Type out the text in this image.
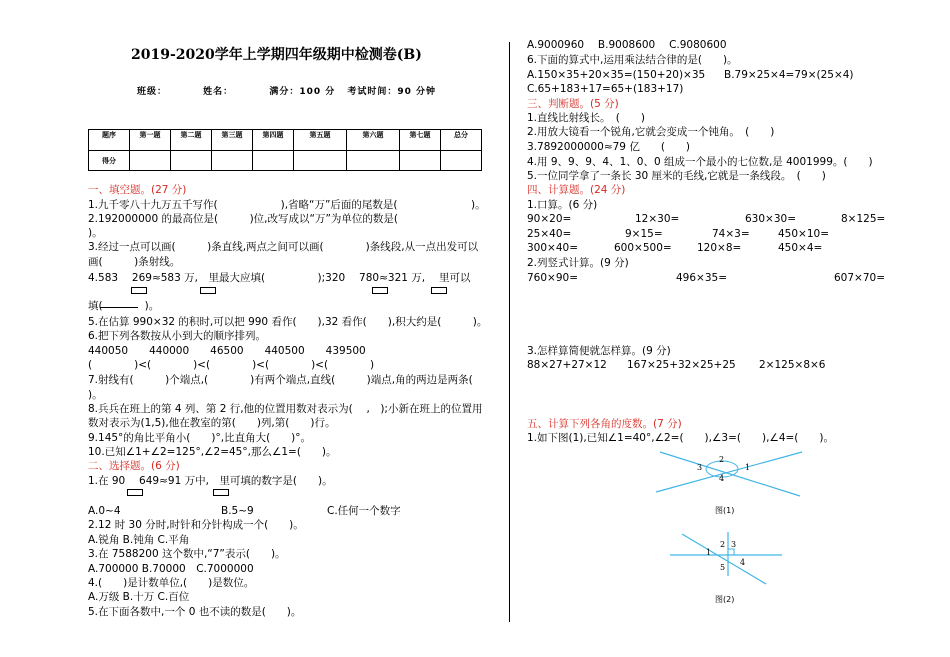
2019-2020学年上学期四年级期中检测卷(B)
班级：	姓名：	满分：100 分 考试时间：90 分钟
题序	第一题	第二题	第三题	第四题	第五题	第六题	第七题	总分
得分								
一、填空题。(27 分)
1.九千零八十九万五千写作(　　　　　　),省略“万”后面的尾数是(　　　　　　　)。
2.192000000 的最高位是(　　　)位,改写成以“万”为单位的数是(
)。
3.经过一点可以画(　　　)条直线,两点之间可以画(　　　　)条线段,从一点出发可以
画(　　　)条射线。
4.583　 269≈583 万,　里最大应填(　　　　　);320　 780≈321 万,　 里可以
填(　　　　)。
5.在估算 990×32 的积时,可以把 990 看作(　　),32 看作(　　),积大约是(　　　)。
6.把下列各数按从小到大的顺序排列。
440050　　440000　　46500　　440500　　439500
(　　　　)<(　　　　)<(　　　　)<(　　　　)<(　　　　)
7.射线有(　　　)个端点,(　　　　)有两个端点,直线(　　　)端点,角的两边是两条(
)。
8.兵兵在班上的第 4 列、第 2 行,他的位置用数对表示为(　 ,　);小新在班上的位置用
数对表示为(1,5),他在教室的第(　　)列,第(　　)行。
9.145°的角比平角小(　　)°,比直角大(　　)°。
10.已知∠1+∠2=125°,∠2=45°,那么∠1=(　　)。
二、选择题。(6 分)
1.在 90　 649≈91 万中,　里可填的数字是(　　)。
A.0~4	B.5~9	C.任何一个数字
2.12 时 30 分时,时针和分针构成一个(　　)。
A.锐角 B.钝角 C.平角
3.在 7588200 这个数中,“7”表示(　　)。
A.700000 B.70000　C.7000000
4.(　　)是计数单位,(　　)是数位。
A.万级 B.十万 C.百位
5.在下面各数中,一个 0 也不读的数是(　　)。
A.9000960　 B.9008600　 C.9080600
6.下面的算式中,运用乘法结合律的是(　　)。
A.150×35+20×35=(150+20)×35 B.79×25×4=79×(25×4)
C.65+183+17=65+(183+17)
三、判断题。(5 分)
1.直线比射线长。　(　　)
2.用放大镜看一个锐角,它就会变成一个钝角。　(　　)
3.7892000000≈79 亿　　(　　)
4.用 9、9、9、4、1、0、0 组成一个最小的七位数,是 4001999。(　　)
5.一位同学拿了一条长 30 厘米的毛线,它就是一条线段。　(　　)
四、计算题。(24 分)
1.口算。(6 分)
90×20=	12×30=	630×30=	8×125=
25×40=	9×15=	74×3=	450×10=
300×40=	600×500= 120×8=	450×4=
2.列竖式计算。(9 分)
760×90=	496×35=	607×70=
3.怎样算简便就怎样算。(9 分)
88×27+27×12 167×25+32×25+25 2×125×8×6
五、计算下列各角的度数。(7 分)
1.如下图(1),已知∠1=40°,∠2=(　　),∠3=(　　),∠4=(　　)。
3
2
1
4
图(1)
1
2 3
4
5
图(2)
